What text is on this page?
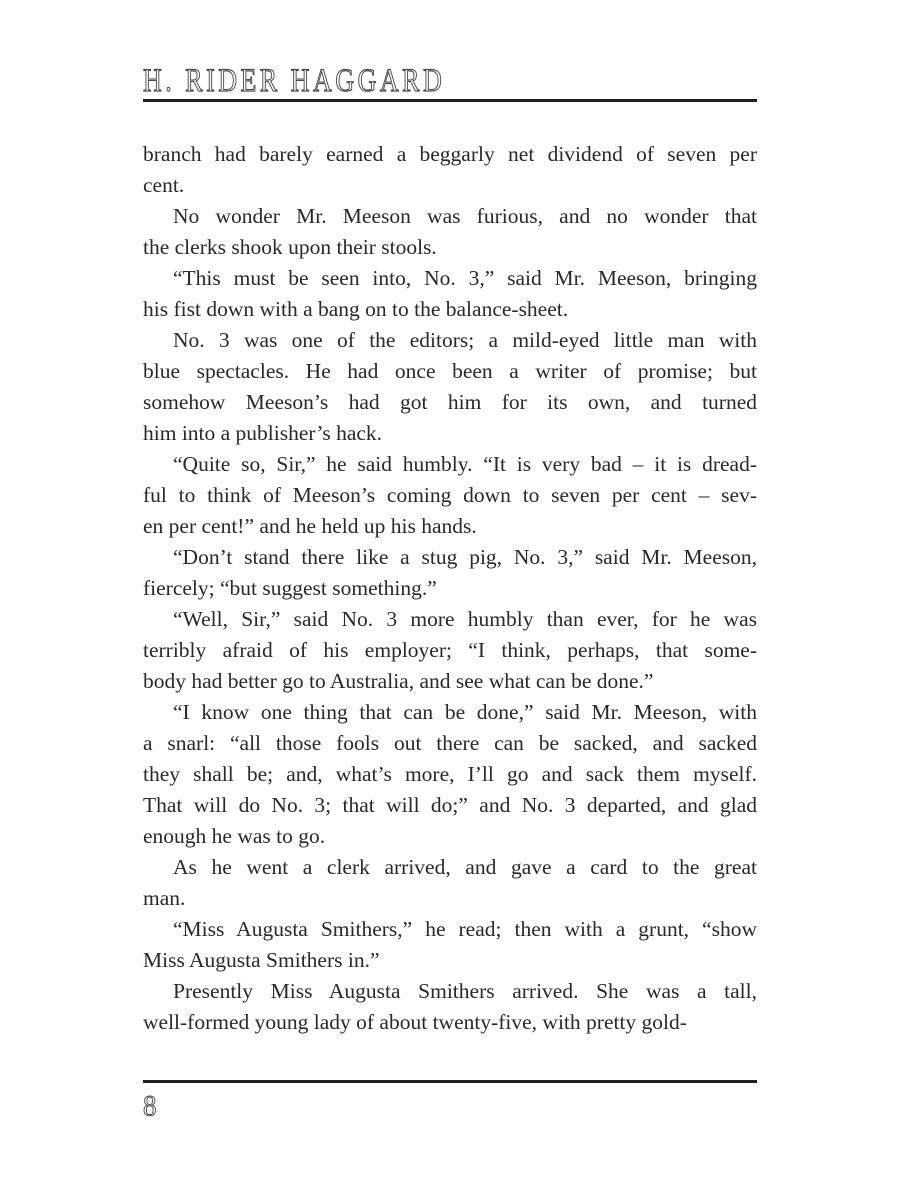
H. RIDER HAGGARD
branch had barely earned a beggarly net dividend of seven per
cent.
No wonder Mr. Meeson was furious, and no wonder that
the clerks shook upon their stools.
“This must be seen into, No. 3,” said Mr. Meeson, bringing
his fist down with a bang on to the balance-sheet.
No. 3 was one of the editors; a mild-eyed little man with
blue spectacles. He had once been a writer of promise; but
somehow Meeson’s had got him for its own, and turned
him into a publisher’s hack.
“Quite so, Sir,” he said humbly. “It is very bad – it is dread-
ful to think of Meeson’s coming down to seven per cent – sev-
en per cent!” and he held up his hands.
“Don’t stand there like a stug pig, No. 3,” said Mr. Meeson,
fiercely; “but suggest something.”
“Well, Sir,” said No. 3 more humbly than ever, for he was
terribly afraid of his employer; “I think, perhaps, that some-
body had better go to Australia, and see what can be done.”
“I know one thing that can be done,” said Mr. Meeson, with
a snarl: “all those fools out there can be sacked, and sacked
they shall be; and, what’s more, I’ll go and sack them myself.
That will do No. 3; that will do;” and No. 3 departed, and glad
enough he was to go.
As he went a clerk arrived, and gave a card to the great
man.
“Miss Augusta Smithers,” he read; then with a grunt, “show
Miss Augusta Smithers in.”
Presently Miss Augusta Smithers arrived. She was a tall,
well-formed young lady of about twenty-five, with pretty gold-
8
